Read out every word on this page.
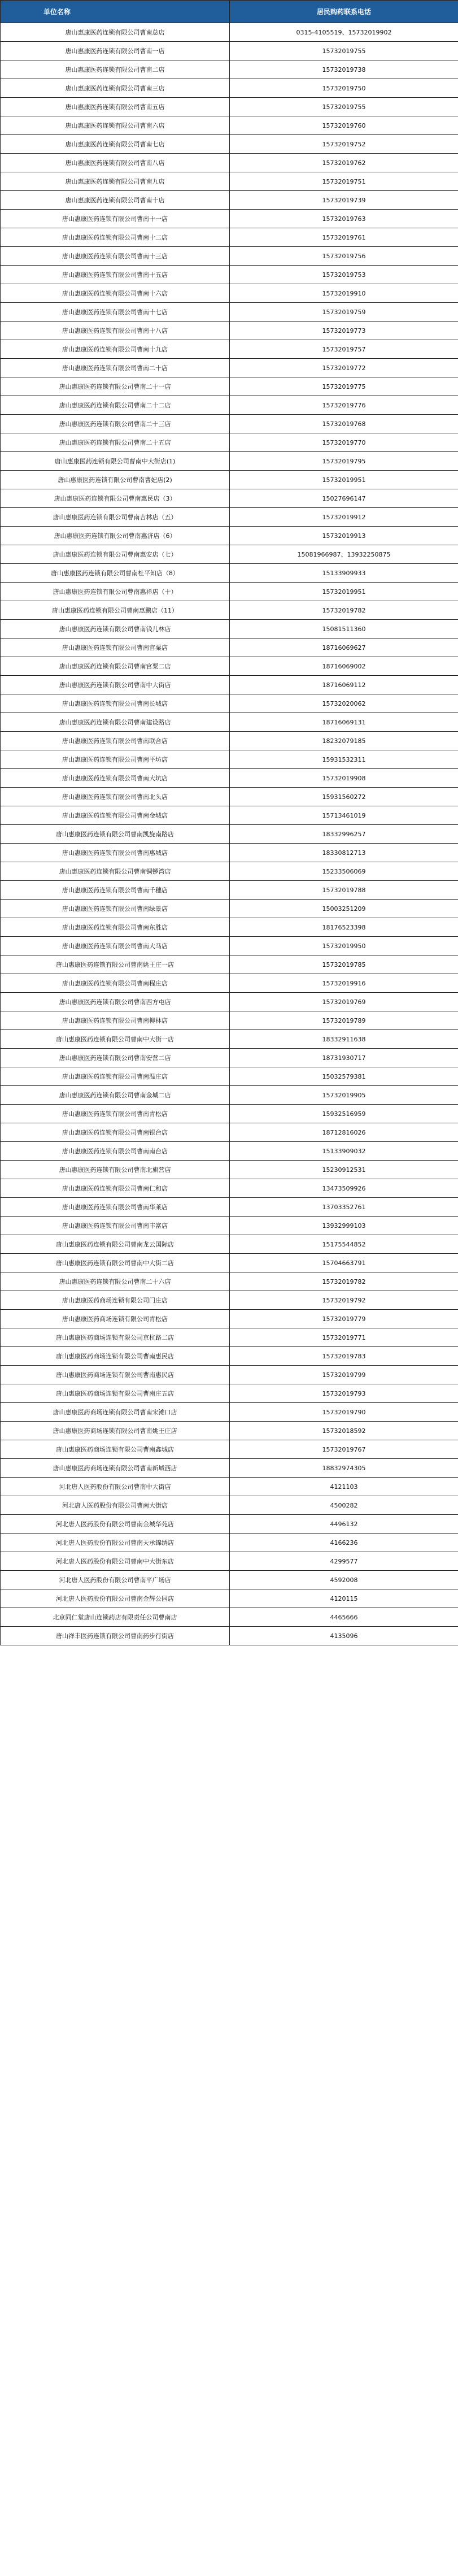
单位名称	居民购药联系电话
唐山惠康医药连锁有限公司曹南总店	0315-4105519、15732019902
唐山惠康医药连锁有限公司曹南一店	15732019755
唐山惠康医药连锁有限公司曹南二店	15732019738
唐山惠康医药连锁有限公司曹南三店	15732019750
唐山惠康医药连锁有限公司曹南五店	15732019755
唐山惠康医药连锁有限公司曹南六店	15732019760
唐山惠康医药连锁有限公司曹南七店	15732019752
唐山惠康医药连锁有限公司曹南八店	15732019762
唐山惠康医药连锁有限公司曹南九店	15732019751
唐山惠康医药连锁有限公司曹南十店	15732019739
唐山惠康医药连锁有限公司曹南十一店	15732019763
唐山惠康医药连锁有限公司曹南十二店	15732019761
唐山惠康医药连锁有限公司曹南十三店	15732019756
唐山惠康医药连锁有限公司曹南十五店	15732019753
唐山惠康医药连锁有限公司曹南十六店	15732019910
唐山惠康医药连锁有限公司曹南十七店	15732019759
唐山惠康医药连锁有限公司曹南十八店	15732019773
唐山惠康医药连锁有限公司曹南十九店	15732019757
唐山惠康医药连锁有限公司曹南二十店	15732019772
唐山惠康医药连锁有限公司曹南二十一店	15732019775
唐山惠康医药连锁有限公司曹南二十二店	15732019776
唐山惠康医药连锁有限公司曹南二十三店	15732019768
唐山惠康医药连锁有限公司曹南二十五店	15732019770
唐山惠康医药连锁有限公司曹南中大街店(1)	15732019795
唐山惠康医药连锁有限公司曹南曹妃店(2)	15732019951
唐山惠康医药连锁有限公司曹南惠民店（3）	15027696147
唐山惠康医药连锁有限公司曹南吉林店（五）	15732019912
唐山惠康医药连锁有限公司曹南惠济店（6）	15732019913
唐山惠康医药连锁有限公司曹南惠安店（七）	15081966987、13932250875
唐山惠康医药连锁有限公司曹南杜平知店（8）	15133909933
唐山惠康医药连锁有限公司曹南惠祥店（十）	15732019951
唐山惠康医药连锁有限公司曹南惠鹏店（11）	15732019782
唐山惠康医药连锁有限公司曹南钱儿林店	15081511360
唐山惠康医药连锁有限公司曹南官粟店	18716069627
唐山惠康医药连锁有限公司曹南官粟二店	18716069002
唐山惠康医药连锁有限公司曹南中大街店	18716069112
唐山惠康医药连锁有限公司曹南长城店	15732020062
唐山惠康医药连锁有限公司曹南建设路店	18716069131
唐山惠康医药连锁有限公司曹南联合店	18232079185
唐山惠康医药连锁有限公司曹南平坊店	15931532311
唐山惠康医药连锁有限公司曹南大坑店	15732019908
唐山惠康医药连锁有限公司曹南北头店	15931560272
唐山惠康医药连锁有限公司曹南金城店	15713461019
唐山惠康医药连锁有限公司曹南凯旋南路店	18332996257
唐山惠康医药连锁有限公司曹南惠城店	18330812713
唐山惠康医药连锁有限公司曹南铜锣湾店	15233506069
唐山惠康医药连锁有限公司曹南千穗店	15732019788
唐山惠康医药连锁有限公司曹南绿景店	15003251209
唐山惠康医药连锁有限公司曹南东胜店	18176523398
唐山惠康医药连锁有限公司曹南大马店	15732019950
唐山惠康医药连锁有限公司曹南姚王庄一店	15732019785
唐山惠康医药连锁有限公司曹南程庄店	15732019916
唐山惠康医药连锁有限公司曹南西方屯店	15732019769
唐山惠康医药连锁有限公司曹南柳林店	15732019789
唐山惠康医药连锁有限公司曹南中大街一店	18332911638
唐山惠康医药连锁有限公司曹南安营二店	18731930717
唐山惠康医药连锁有限公司曹南温庄店	15032579381
唐山惠康医药连锁有限公司曹南金城二店	15732019905
唐山惠康医药连锁有限公司曹南青松店	15932516959
唐山惠康医药连锁有限公司曹南银台店	18712816026
唐山惠康医药连锁有限公司曹南南台店	15133909032
唐山惠康医药连锁有限公司曹南北旗营店	15230912531
唐山惠康医药连锁有限公司曹南仁和店	13473509926
唐山惠康医药连锁有限公司曹南华莱店	13703352761
唐山惠康医药连锁有限公司曹南丰富店	13932999103
唐山惠康医药连锁有限公司曹南龙云国际店	15175544852
唐山惠康医药连锁有限公司曹南中大街二店	15704663791
唐山惠康医药连锁有限公司曹南二十六店	15732019782
唐山惠康医药商场连锁有限公司门庄店	15732019792
唐山惠康医药商场连锁有限公司青松店	15732019779
唐山惠康医药商场连锁有限公司京杭路二店	15732019771
唐山惠康医药商场连锁有限公司曹南惠民店	15732019783
唐山惠康医药商场连锁有限公司曹南惠民店	15732019799
唐山惠康医药商场连锁有限公司曹南庄五店	15732019793
唐山惠康医药商场连锁有限公司曹南宋滩口店	15732019790
唐山惠康医药商场连锁有限公司曹南姚王庄店	15732018592
唐山惠康医药商场连锁有限公司曹南鑫城店	15732019767
唐山惠康医药商场连锁有限公司曹南新城西店	18832974305
河北唐人医药股份有限公司曹南中大街店	4121103
河北唐人医药股份有限公司曹南大街店	4500282
河北唐人医药股份有限公司曹南金城华苑店	4496132
河北唐人医药股份有限公司曹南天承锦绣店	4166236
河北唐人医药股份有限公司曹南中大街东店	4299577
河北唐人医药股份有限公司曹南平广场店	4592008
河北唐人医药股份有限公司曹南金辉公园店	4120115
北京同仁堂唐山连锁药店有限责任公司曹南店	4465666
唐山祥丰医药连锁有限公司曹南药步行街店	4135096
